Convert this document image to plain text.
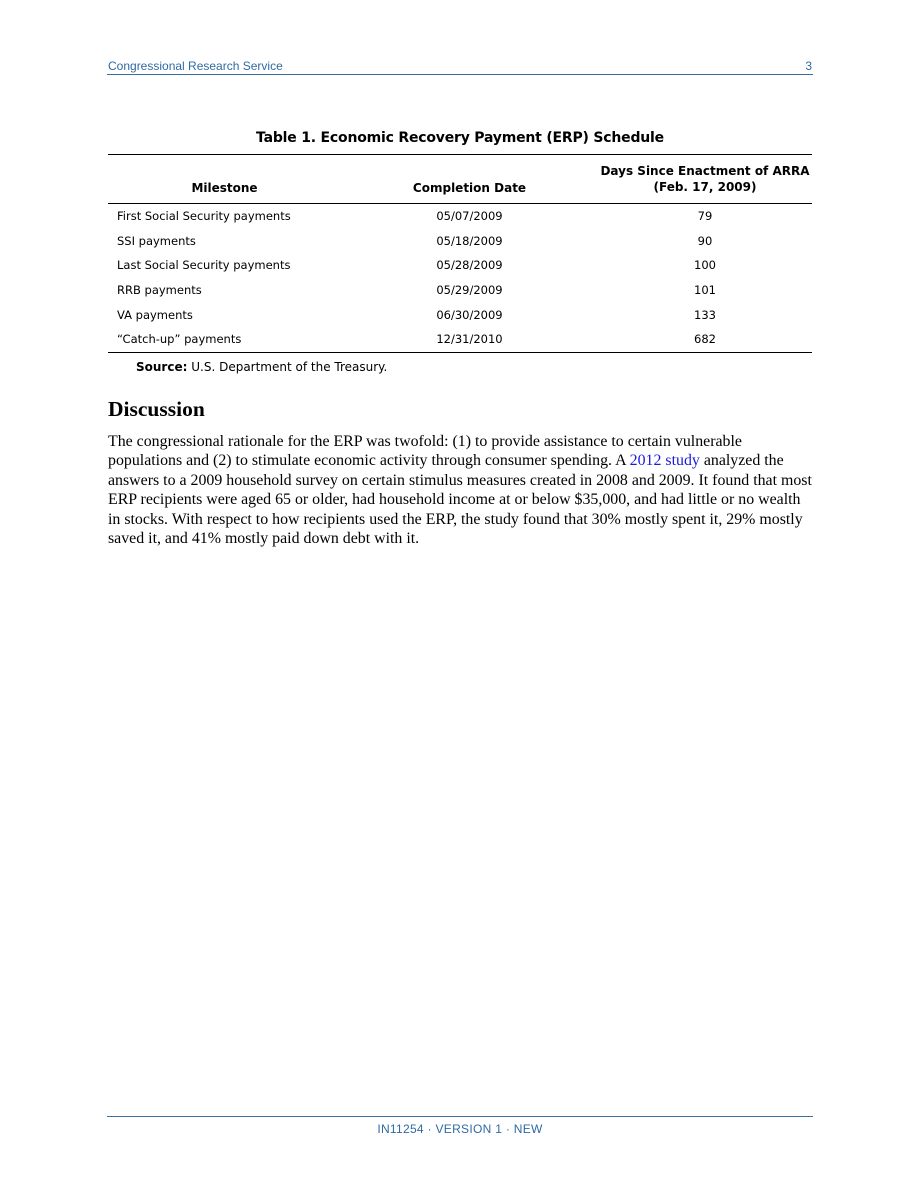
Congressional Research Service	3
Table 1. Economic Recovery Payment (ERP) Schedule
Milestone	Completion Date	Days Since Enactment of ARRA
(Feb. 17, 2009)
First Social Security payments	05/07/2009	79
SSI payments	05/18/2009	90
Last Social Security payments	05/28/2009	100
RRB payments	05/29/2009	101
VA payments	06/30/2009	133
“Catch-up” payments	12/31/2010	682
Source: U.S. Department of the Treasury.
Discussion

The congressional rationale for the ERP was twofold: (1) to provide assistance to certain vulnerable populations and (2) to stimulate economic activity through consumer spending. A 2012 study analyzed the answers to a 2009 household survey on certain stimulus measures created in 2008 and 2009. It found that most ERP recipients were aged 65 or older, had household income at or below $35,000, and had little or no wealth in stocks. With respect to how recipients used the ERP, the study found that 30% mostly spent it, 29% mostly saved it, and 41% mostly paid down debt with it.

IN11254 · VERSION 1 · NEW
